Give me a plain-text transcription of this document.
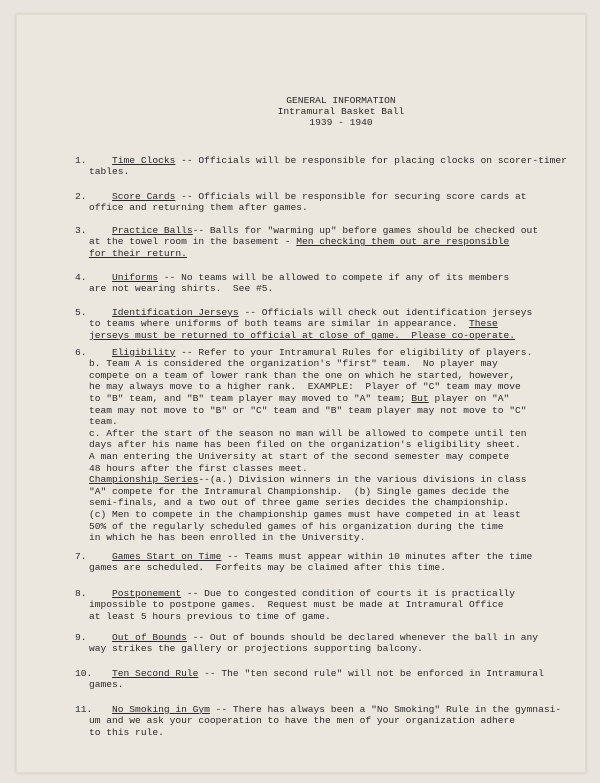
GENERAL INFORMATION
Intramural Basket Ball
1939 - 1940

1.	Time Clocks -- Officials will be responsible for placing clocks on scorer-timer
tables.

2.	Score Cards -- Officials will be responsible for securing score cards at
office and returning them after games.

3.	Practice Balls-- Balls for "warming up" before games should be checked out
at the towel room in the basement - Men checking them out are responsible
for their return.

4.	Uniforms -- No teams will be allowed to compete if any of its members
are not wearing shirts.  See #5.

5.	Identification Jerseys -- Officials will check out identification jerseys
to teams where uniforms of both teams are similar in appearance.  These
jerseys must be returned to official at close of game.  Please co-operate.

6.	Eligibility -- Refer to your Intramural Rules for eligibility of players.
b. Team A is considered the organization's "first" team.  No player may
compete on a team of lower rank than the one on which he started, however,
he may always move to a higher rank.  EXAMPLE:  Player of "C" team may move
to "B" team, and "B" team player may moved to "A" team; But player on "A"
team may not move to "B" or "C" team and "B" team player may not move to "C"
team.
c. After the start of the season no man will be allowed to compete until ten
days after his name has been filed on the organization's eligibility sheet.
A man entering the University at start of the second semester may compete
48 hours after the first classes meet.
Championship Series--(a.) Division winners in the various divisions in class
"A" compete for the Intramural Championship.  (b) Single games decide the
semi-finals, and a two out of three game series decides the championship.
(c) Men to compete in the championship games must have competed in at least
50% of the regularly scheduled games of his organization during the time
in which he has been enrolled in the University.

7.	Games Start on Time -- Teams must appear within 10 minutes after the time
games are scheduled.  Forfeits may be claimed after this time.

8.	Postponement -- Due to congested condition of courts it is practically
impossible to postpone games.  Request must be made at Intramural Office
at least 5 hours previous to time of game.

9.	Out of Bounds -- Out of bounds should be declared whenever the ball in any
way strikes the gallery or projections supporting balcony.

10. Ten Second Rule -- The "ten second rule" will not be enforced in Intramural
games.

11. No Smoking in Gym -- There has always been a "No Smoking" Rule in the gymnasi-
um and we ask your cooperation to have the men of your organization adhere
to this rule.
